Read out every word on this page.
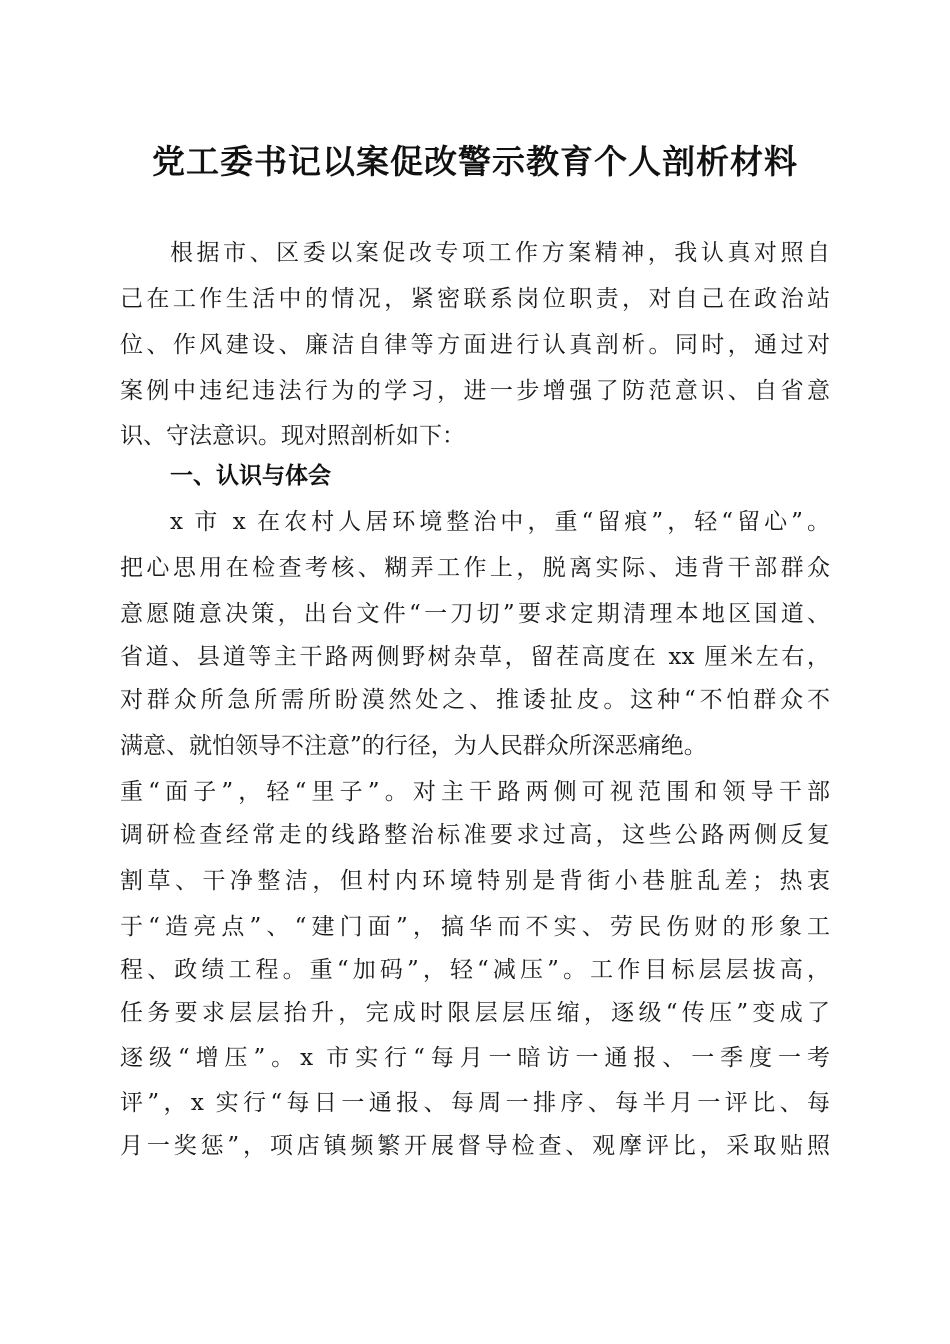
党工委书记以案促改警示教育个人剖析材料
根据市、区委以案促改专项工作方案精神，我认真对照自
己在工作生活中的情况，紧密联系岗位职责，对自己在政治站
位、作风建设、廉洁自律等方面进行认真剖析。同时，通过对
案例中违纪违法行为的学习，进一步增强了防范意识、自省意
识、守法意识。现对照剖析如下：
一、认识与体会
x 市 x 在农村人居环境整治中，重“留痕”，轻“留心”。
把心思用在检查考核、糊弄工作上，脱离实际、违背干部群众
意愿随意决策，出台文件“一刀切”要求定期清理本地区国道、
省道、县道等主干路两侧野树杂草，留茬高度在 xx 厘米左右，
对群众所急所需所盼漠然处之、推诿扯皮。这种“不怕群众不
满意、就怕领导不注意”的行径，为人民群众所深恶痛绝。
重“面子”，轻“里子”。对主干路两侧可视范围和领导干部
调研检查经常走的线路整治标准要求过高，这些公路两侧反复
割草、干净整洁，但村内环境特别是背街小巷脏乱差；热衷
于“造亮点”、“建门面”，搞华而不实、劳民伤财的形象工
程、政绩工程。重“加码”，轻“减压”。工作目标层层拔高，
任务要求层层抬升，完成时限层层压缩，逐级“传压”变成了
逐级“增压”。x 市实行“每月一暗访一通报、一季度一考
评”，x 实行“每日一通报、每周一排序、每半月一评比、每
月一奖惩”，项店镇频繁开展督导检查、观摩评比，采取贴照
